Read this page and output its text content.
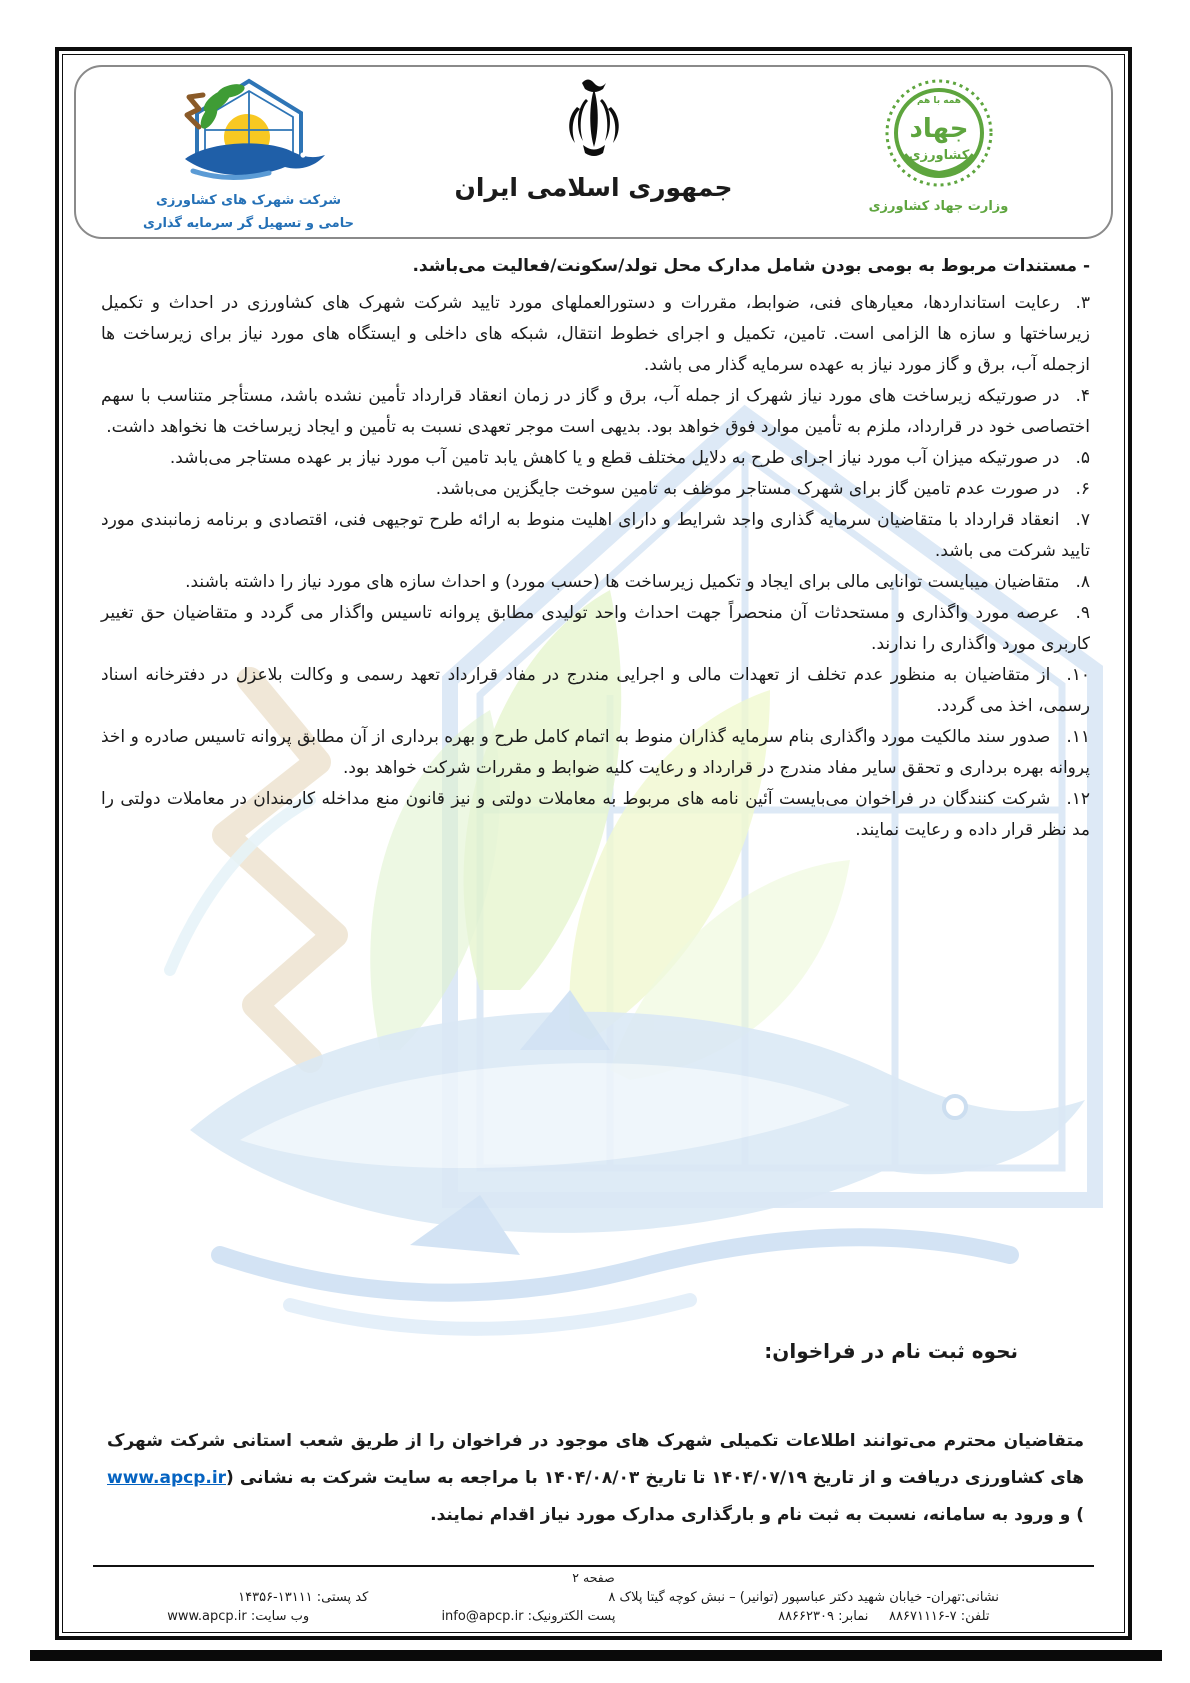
شرکت شهرک های کشاورزی
حامی و تسهیل گر سرمایه گذاری
جمهوری اسلامی ایران
همه با هم
جهاد
کشاورزی
وزارت جهاد کشاورزی

- مستندات مربوط به بومی بودن شامل مدارک محل تولد/سکونت/فعالیت می‌باشد.

۳.رعایت استانداردها، معیارهای فنی، ضوابط، مقررات و دستورالعملهای مورد تایید شرکت شهرک های کشاورزی در احداث و تکمیل زیرساختها و سازه ها الزامی است. تامین، تکمیل و اجرای خطوط انتقال، شبکه های داخلی و ایستگاه های مورد نیاز برای زیرساخت ها ازجمله آب، برق و گاز مورد نیاز به عهده سرمایه گذار می باشد.

۴.در صورتیکه زیرساخت های مورد نیاز شهرک از جمله آب، برق و گاز در زمان انعقاد قرارداد تأمین نشده باشد، مستأجر متناسب با سهم اختصاصی خود در قرارداد، ملزم به تأمین موارد فوق خواهد بود. بدیهی است موجر تعهدی نسبت به تأمین و ایجاد زیرساخت ها نخواهد داشت.

۵.در صورتیکه میزان آب مورد نیاز اجرای طرح به دلایل مختلف قطع و یا کاهش یابد تامین آب مورد نیاز بر عهده مستاجر می‌باشد.

۶.در صورت عدم تامین گاز برای شهرک مستاجر موظف به تامین سوخت جایگزین می‌باشد.

۷.انعقاد قرارداد با متقاضیان سرمایه گذاری واجد شرایط و دارای اهلیت منوط به ارائه طرح توجیهی فنی، اقتصادی و برنامه زمانبندی مورد تایید شرکت می باشد.

۸.متقاضیان میبایست توانایی مالی برای ایجاد و تکمیل زیرساخت ها (حسب مورد) و احداث سازه های مورد نیاز را داشته باشند.

۹.عرصه مورد واگذاری و مستحدثات آن منحصراً جهت احداث واحد تولیدی مطابق پروانه تاسیس واگذار می گردد و متقاضیان حق تغییر کاربری مورد واگذاری را ندارند.

۱۰.از متقاضیان به منظور عدم تخلف از تعهدات مالی و اجرایی مندرج در مفاد قرارداد تعهد رسمی و وکالت بلاعزل در دفترخانه اسناد رسمی، اخذ می گردد.

۱۱.صدور سند مالکیت مورد واگذاری بنام سرمایه گذاران منوط به اتمام کامل طرح و بهره برداری از آن مطابق پروانه تاسیس صادره و اخذ پروانه بهره برداری و تحقق سایر مفاد مندرج در قرارداد و رعایت کلیه ضوابط و مقررات شرکت خواهد بود.

۱۲.شرکت کنندگان در فراخوان می‌بایست آئین نامه های مربوط به معاملات دولتی و نیز قانون منع مداخله کارمندان در معاملات دولتی را مد نظر قرار داده و رعایت نمایند.

نحوه ثبت نام در فراخوان:

متقاضیان محترم می‌توانند اطلاعات تکمیلی شهرک های موجود در فراخوان را از طریق شعب استانی شرکت شهرک های کشاورزی دریافت و از تاریخ ۱۴۰۴/۰۷/۱۹ تا تاریخ ۱۴۰۴/۰۸/۰۳ با مراجعه به سایت شرکت به نشانی (www.apcp.ir) و ورود به سامانه، نسبت به ثبت نام و بارگذاری مدارک مورد نیاز اقدام نمایند.

صفحه ۲
نشانی:تهران- خیابان شهید دکتر عباسپور (توانیر) – نبش کوچه گیتا پلاک ۸
کد پستی: ۱۴۳۵۶-۱۳۱۱۱
تلفن: ۸۸۶۷۱۱۱۶-۷     نمابر: ۸۸۶۶۲۳۰۹
پست الکترونیک: info@apcp.ir
وب سایت: www.apcp.ir
